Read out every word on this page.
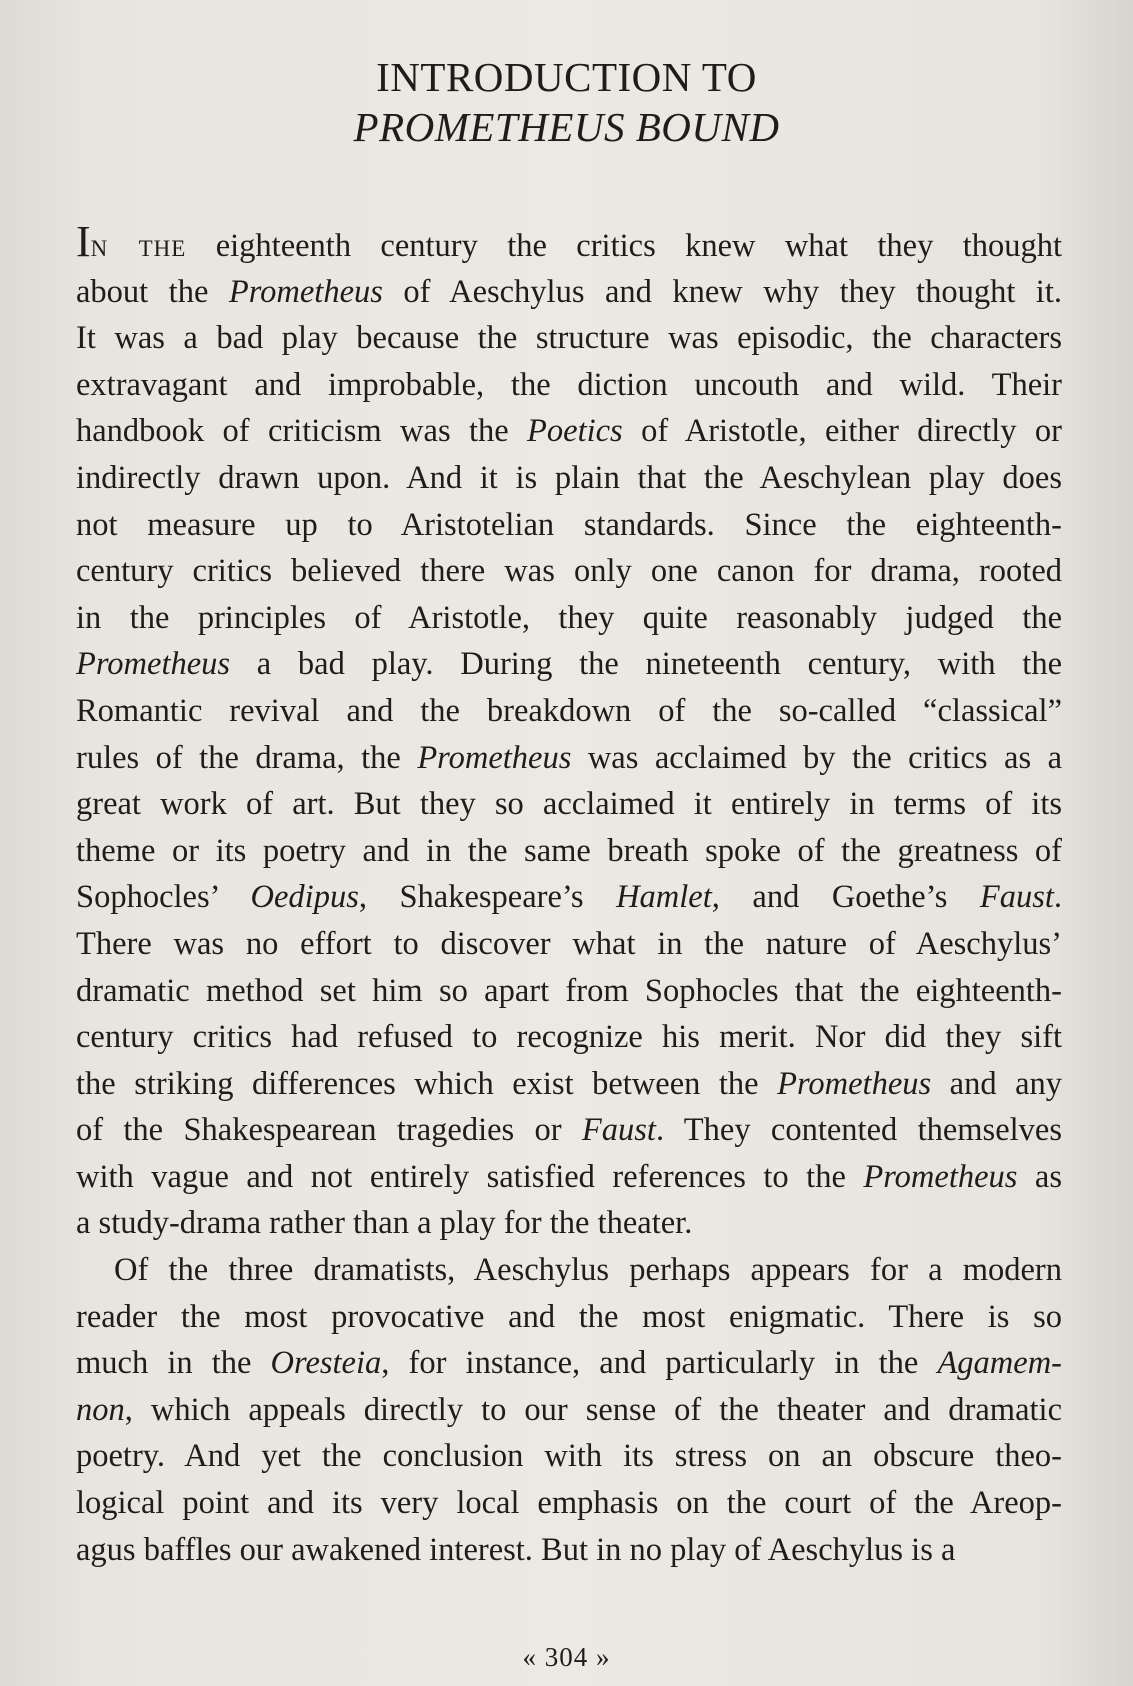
INTRODUCTION TO
PROMETHEUS BOUND
In the eighteenth century the critics knew what they thought
about the Prometheus of Aeschylus and knew why they thought it.
It was a bad play because the structure was episodic, the characters
extravagant and improbable, the diction uncouth and wild. Their
handbook of criticism was the Poetics of Aristotle, either directly or
indirectly drawn upon. And it is plain that the Aeschylean play does
not measure up to Aristotelian standards. Since the eighteenth-
century critics believed there was only one canon for drama, rooted
in the principles of Aristotle, they quite reasonably judged the
Prometheus a bad play. During the nineteenth century, with the
Romantic revival and the breakdown of the so-called “classical”
rules of the drama, the Prometheus was acclaimed by the critics as a
great work of art. But they so acclaimed it entirely in terms of its
theme or its poetry and in the same breath spoke of the greatness of
Sophocles’ Oedipus, Shakespeare’s Hamlet, and Goethe’s Faust.
There was no effort to discover what in the nature of Aeschylus’
dramatic method set him so apart from Sophocles that the eighteenth-
century critics had refused to recognize his merit. Nor did they sift
the striking differences which exist between the Prometheus and any
of the Shakespearean tragedies or Faust. They contented themselves
with vague and not entirely satisfied references to the Prometheus as
a study-drama rather than a play for the theater.
Of the three dramatists, Aeschylus perhaps appears for a modern
reader the most provocative and the most enigmatic. There is so
much in the Oresteia, for instance, and particularly in the Agamem-
non, which appeals directly to our sense of the theater and dramatic
poetry. And yet the conclusion with its stress on an obscure theo-
logical point and its very local emphasis on the court of the Areop-
agus baffles our awakened interest. But in no play of Aeschylus is a
« 304 »
